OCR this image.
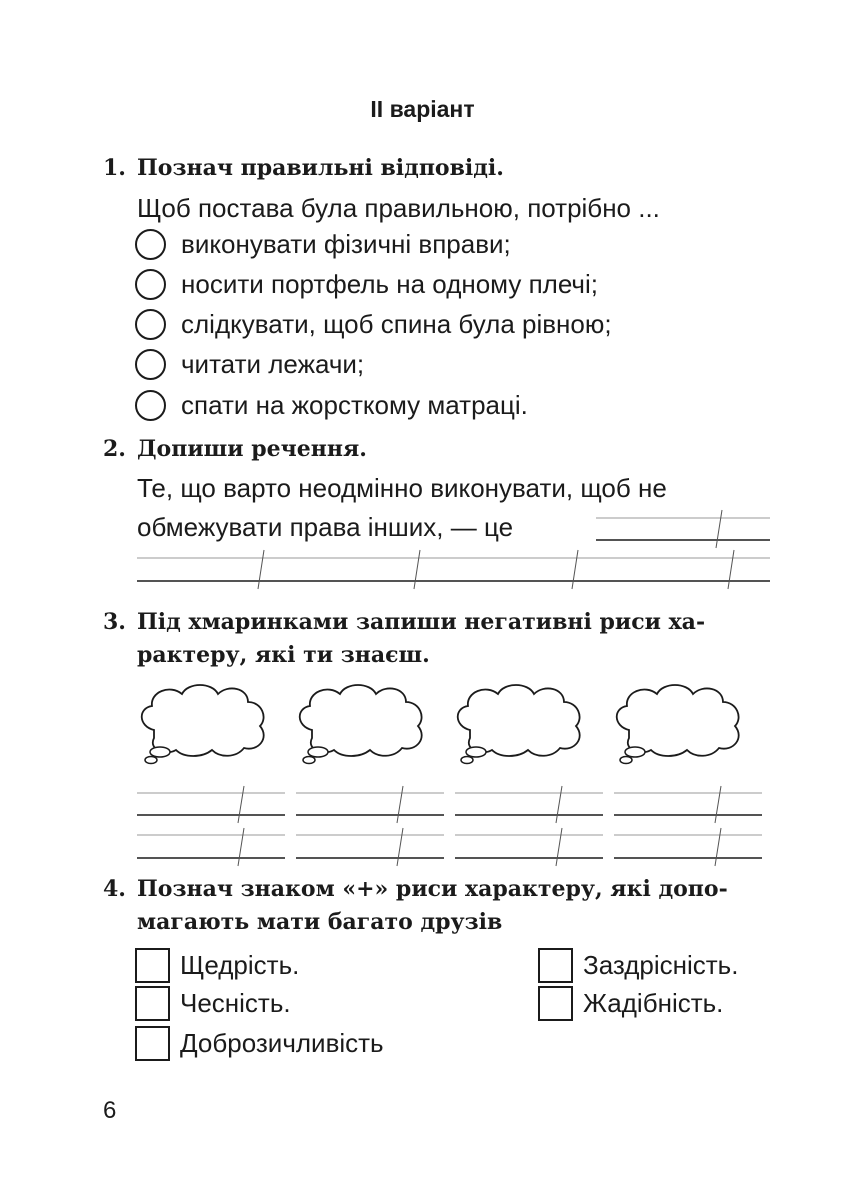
II варіант
1. Познач правильні відповіді.
Щоб постава була правильною, потрібно ...
виконувати фізичні вправи;
носити портфель на одному плечі;
слідкувати, щоб спина була рівною;
читати лежачи;
спати на жорсткому матраці.
2. Допиши речення.
Те, що варто неодмінно виконувати, щоб не
обмежувати права інших, — це
3. Під хмаринками запиши негативні риси ха-
рактеру, які ти знаєш.
4. Познач знаком «+» риси характеру, які допо-
магають мати багато друзів
Щедрість.
Чесність.
Доброзичливість
Заздрісність.
Жадібність.
6
